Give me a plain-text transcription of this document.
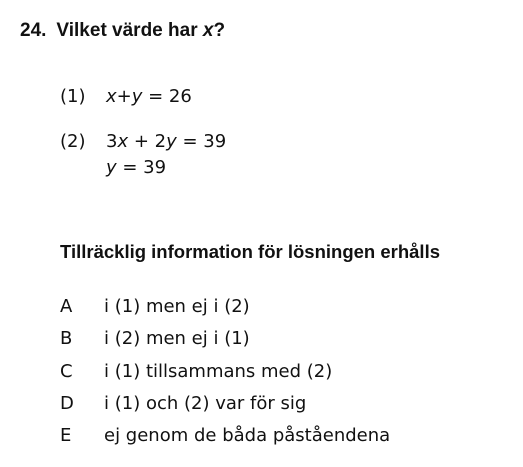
24. Vilket värde har x?
(1) x+y = 26
(2) 3x + 2y = 39
y = 39
Tillräcklig information för lösningen erhålls
A i (1) men ej i (2)
B i (2) men ej i (1)
C i (1) tillsammans med (2)
D i (1) och (2) var för sig
E ej genom de båda påståendena
